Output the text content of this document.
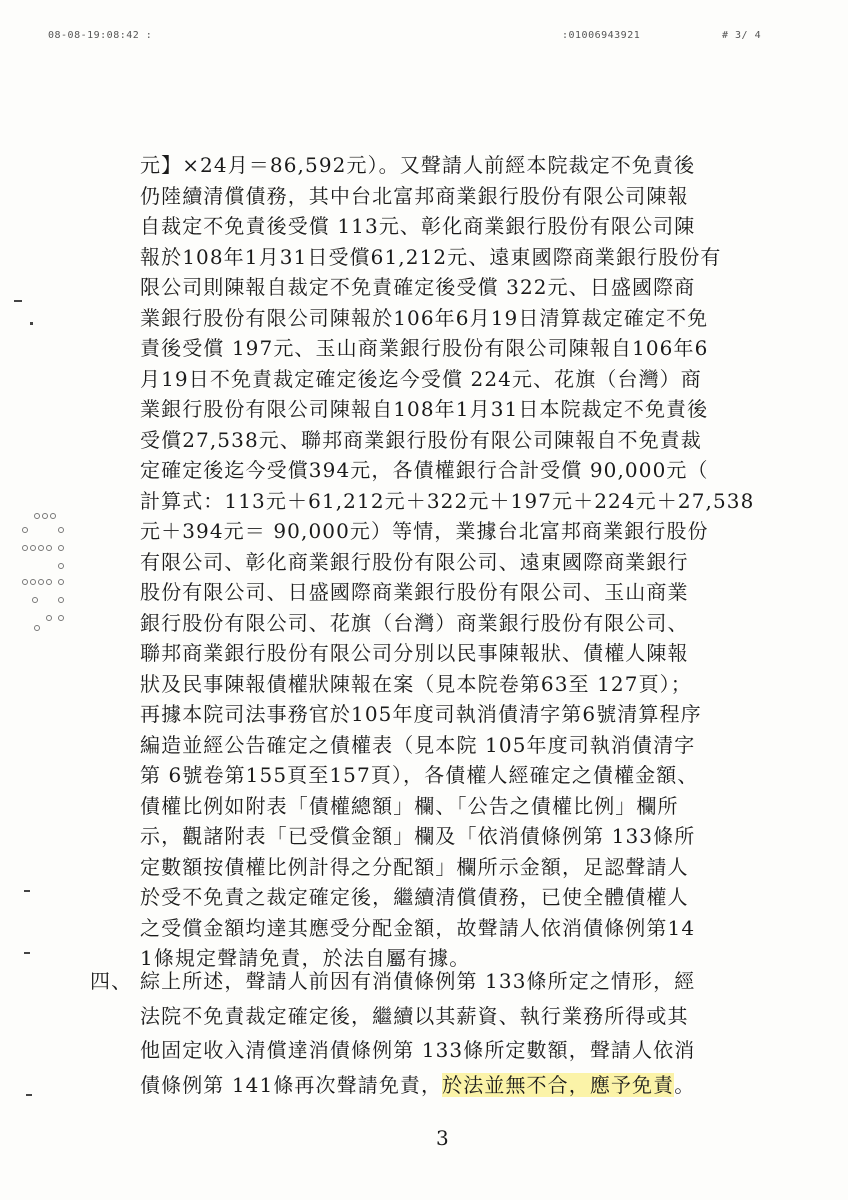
08-08-19:08:42 :	:01006943921	# 3/ 4
元】×24月＝86,592元）。又聲請人前經本院裁定不免責後
仍陸續清償債務，其中台北富邦商業銀行股份有限公司陳報
自裁定不免責後受償 113元、彰化商業銀行股份有限公司陳
報於108年1月31日受償61,212元、遠東國際商業銀行股份有
限公司則陳報自裁定不免責確定後受償 322元、日盛國際商
業銀行股份有限公司陳報於106年6月19日清算裁定確定不免
責後受償 197元、玉山商業銀行股份有限公司陳報自106年6
月19日不免責裁定確定後迄今受償 224元、花旗（台灣）商
業銀行股份有限公司陳報自108年1月31日本院裁定不免責後
受償27,538元、聯邦商業銀行股份有限公司陳報自不免責裁
定確定後迄今受償394元，各債權銀行合計受償 90,000元（
計算式：113元＋61,212元＋322元＋197元＋224元＋27,538
元＋394元＝ 90,000元）等情，業據台北富邦商業銀行股份
有限公司、彰化商業銀行股份有限公司、遠東國際商業銀行
股份有限公司、日盛國際商業銀行股份有限公司、玉山商業
銀行股份有限公司、花旗（台灣）商業銀行股份有限公司、
聯邦商業銀行股份有限公司分別以民事陳報狀、債權人陳報
狀及民事陳報債權狀陳報在案（見本院卷第63至 127頁）；
再據本院司法事務官於105年度司執消債清字第6號清算程序
編造並經公告確定之債權表（見本院 105年度司執消債清字
第 6號卷第155頁至157頁），各債權人經確定之債權金額、
債權比例如附表「債權總額」欄、「公告之債權比例」欄所
示，觀諸附表「已受償金額」欄及「依消債條例第 133條所
定數額按債權比例計得之分配額」欄所示金額，足認聲請人
於受不免責之裁定確定後，繼續清償債務，已使全體債權人
之受償金額均達其應受分配金額，故聲請人依消債條例第14
1條規定聲請免責，於法自屬有據。
四、 綜上所述，聲請人前因有消債條例第 133條所定之情形，經
法院不免責裁定確定後，繼續以其薪資、執行業務所得或其
他固定收入清償達消債條例第 133條所定數額，聲請人依消
債條例第 141條再次聲請免責，於法並無不合，應予免責。
3
